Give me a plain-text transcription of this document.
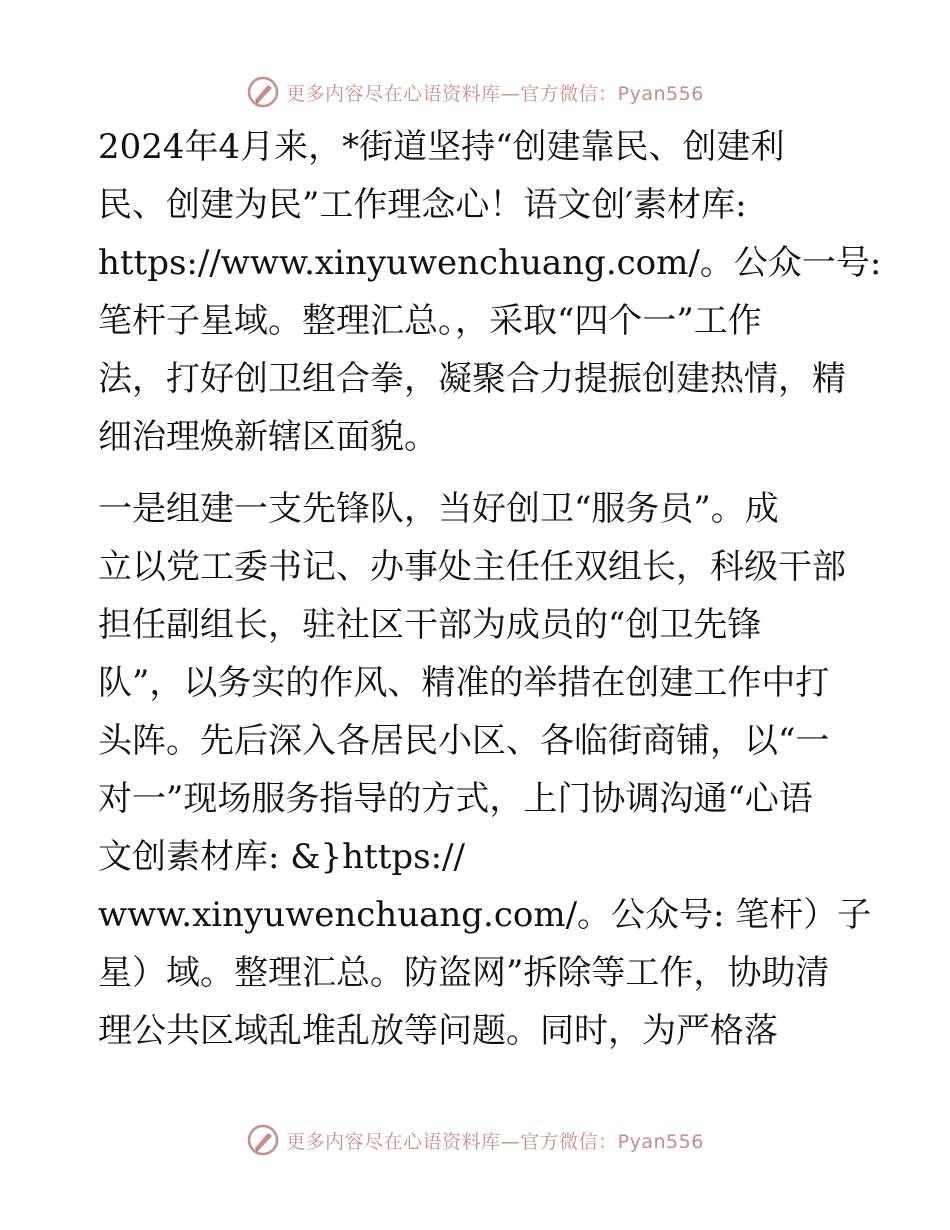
更多内容尽在心语资料库—官方微信：Pyan556
2024年4月来，*街道坚持“创建靠民、创建利
民、创建为民”工作理念心！语文创′素材库:
https://www.xinyuwenchuang.com/。公众一号:
笔杆子星域。整理汇总。，采取“四个一”工作
法，打好创卫组合拳，凝聚合力提振创建热情，精
细治理焕新辖区面貌。
一是组建一支先锋队，当好创卫“服务员”。成
立以党工委书记、办事处主任任双组长，科级干部
担任副组长，驻社区干部为成员的“创卫先锋
队”，以务实的作风、精准的举措在创建工作中打
头阵。先后深入各居民小区、各临街商铺，以“一
对一”现场服务指导的方式，上门协调沟通“心语
文创素材库: &}https://
www.xinyuwenchuang.com/。公众号: 笔杆）子
星）域。整理汇总。防盗网”拆除等工作，协助清
理公共区域乱堆乱放等问题。同时，为严格落
更多内容尽在心语资料库—官方微信：Pyan556
